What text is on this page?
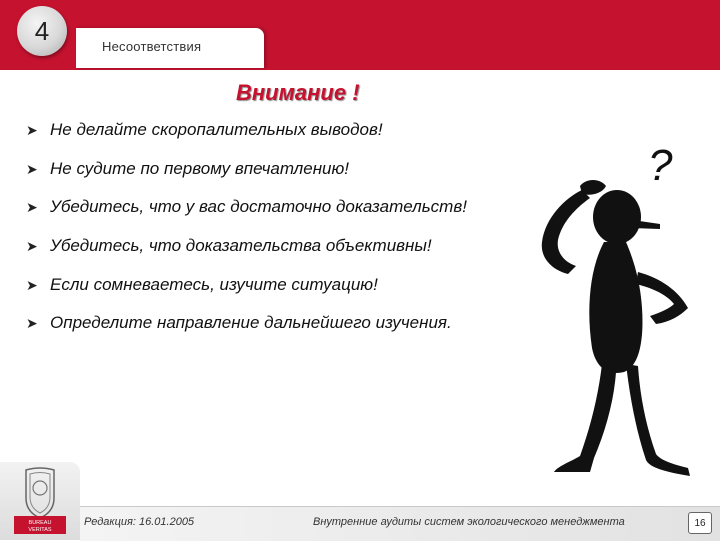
4
Несоответствия
Внимание !
➤ Не делайте скоропалительных выводов!
➤ Не судите по первому впечатлению!
➤ Убедитесь, что у вас достаточно доказательств!
➤ Убедитесь, что доказательства объективны!
➤ Если сомневаетесь, изучите ситуацию!
➤ Определите направление дальнейшего изучения.
?
BUREAU
VERITAS
Редакция: 16.01.2005	Внутренние аудиты систем экологического менеджмента	16
